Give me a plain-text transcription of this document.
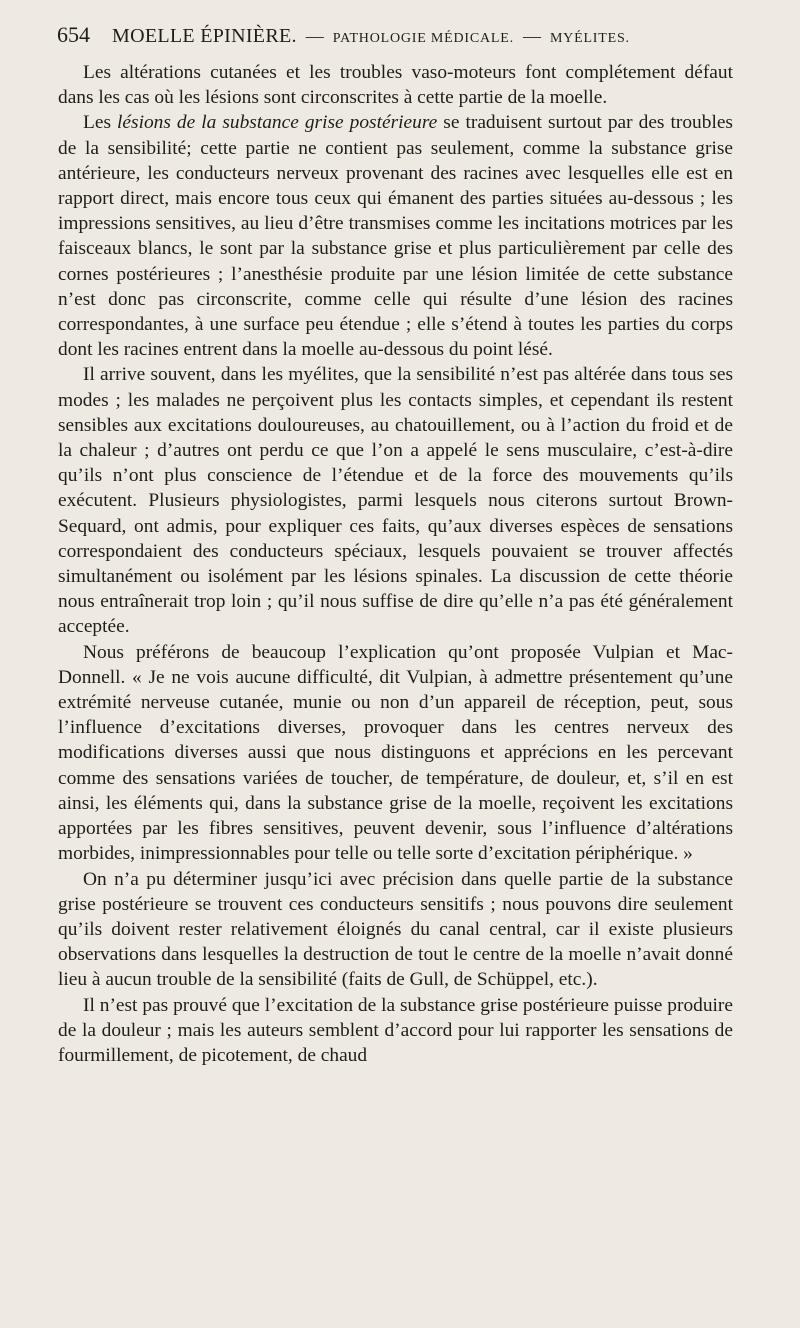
654 MOELLE ÉPINIÈRE. — PATHOLOGIE MÉDICALE. — MYÉLITES.

Les altérations cutanées et les troubles vaso-moteurs font complétement défaut dans les cas où les lésions sont circonscrites à cette partie de la moelle.

Les lésions de la substance grise postérieure se traduisent surtout par des troubles de la sensibilité; cette partie ne contient pas seulement, comme la substance grise antérieure, les conducteurs nerveux provenant des racines avec lesquelles elle est en rapport direct, mais encore tous ceux qui émanent des parties situées au-dessous ; les impressions sensitives, au lieu d’être transmises comme les incitations motrices par les faisceaux blancs, le sont par la substance grise et plus particulièrement par celle des cornes postérieures ; l’anesthésie produite par une lésion limitée de cette substance n’est donc pas circonscrite, comme celle qui résulte d’une lésion des racines correspondantes, à une surface peu étendue ; elle s’étend à toutes les parties du corps dont les racines entrent dans la moelle au-dessous du point lésé.

Il arrive souvent, dans les myélites, que la sensibilité n’est pas altérée dans tous ses modes ; les malades ne perçoivent plus les contacts simples, et cependant ils restent sensibles aux excitations douloureuses, au chatouillement, ou à l’action du froid et de la chaleur ; d’autres ont perdu ce que l’on a appelé le sens musculaire, c’est-à-dire qu’ils n’ont plus conscience de l’étendue et de la force des mouvements qu’ils exécutent. Plusieurs physiologistes, parmi lesquels nous citerons surtout Brown-Sequard, ont admis, pour expliquer ces faits, qu’aux diverses espèces de sensations correspondaient des conducteurs spéciaux, lesquels pouvaient se trouver affectés simultanément ou isolément par les lésions spinales. La discussion de cette théorie nous entraînerait trop loin ; qu’il nous suffise de dire qu’elle n’a pas été généralement acceptée.

Nous préférons de beaucoup l’explication qu’ont proposée Vulpian et Mac-Donnell. « Je ne vois aucune difficulté, dit Vulpian, à admettre présentement qu’une extrémité nerveuse cutanée, munie ou non d’un appareil de réception, peut, sous l’influence d’excitations diverses, provoquer dans les centres nerveux des modifications diverses aussi que nous distinguons et apprécions en les percevant comme des sensations variées de toucher, de température, de douleur, et, s’il en est ainsi, les éléments qui, dans la substance grise de la moelle, reçoivent les excitations apportées par les fibres sensitives, peuvent devenir, sous l’influence d’altérations morbides, inimpressionnables pour telle ou telle sorte d’excitation périphérique. »

On n’a pu déterminer jusqu’ici avec précision dans quelle partie de la substance grise postérieure se trouvent ces conducteurs sensitifs ; nous pouvons dire seulement qu’ils doivent rester relativement éloignés du canal central, car il existe plusieurs observations dans lesquelles la destruction de tout le centre de la moelle n’avait donné lieu à aucun trouble de la sensibilité (faits de Gull, de Schüppel, etc.).

Il n’est pas prouvé que l’excitation de la substance grise postérieure puisse produire de la douleur ; mais les auteurs semblent d’accord pour lui rapporter les sensations de fourmillement, de picotement, de chaud
